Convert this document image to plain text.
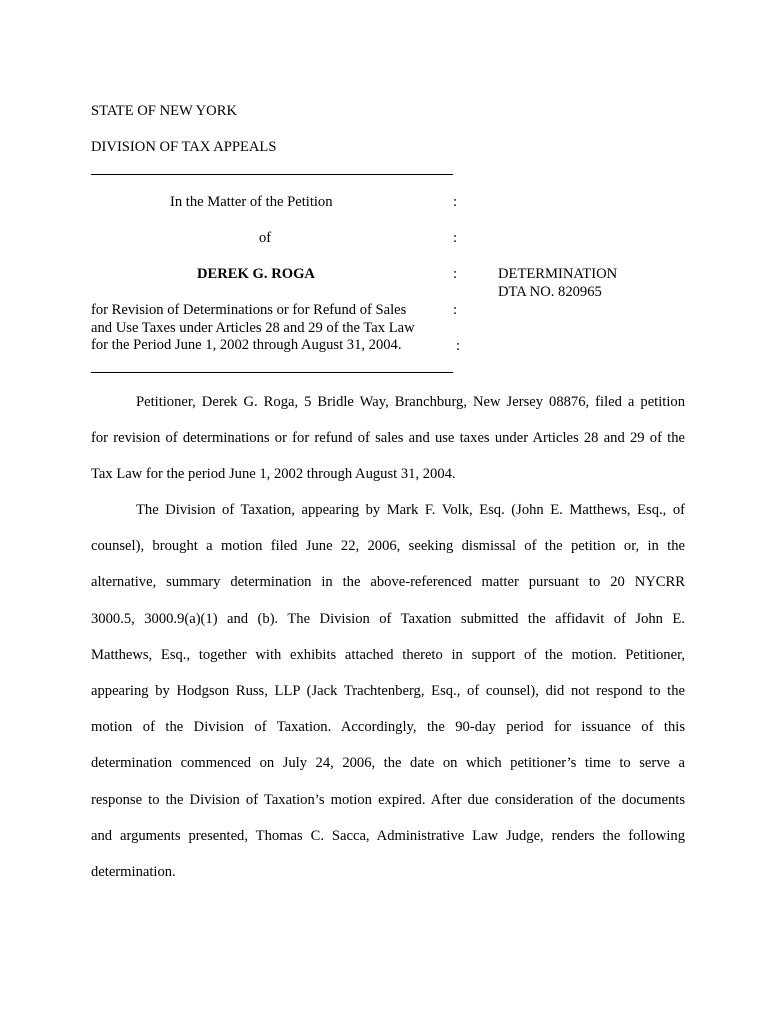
STATE OF NEW YORK
DIVISION OF TAX APPEALS
In the Matter of the Petition
of
DEREK G. ROGA
for Revision of Determinations or for Refund of Sales
and Use Taxes under Articles 28 and 29 of the Tax Law
for the Period June 1, 2002 through August 31, 2004.
:
:
:
:
:
DETERMINATION
DTA NO. 820965
Petitioner, Derek G. Roga, 5 Bridle Way, Branchburg, New Jersey 08876, filed a petition
for revision of determinations or for refund of sales and use taxes under Articles 28 and 29 of the
Tax Law for the period June 1, 2002 through August 31, 2004.
The Division of Taxation, appearing by Mark F. Volk, Esq. (John E. Matthews, Esq., of
counsel), brought a motion filed June 22, 2006, seeking dismissal of the petition or, in the
alternative, summary determination in the above-referenced matter pursuant to 20 NYCRR
3000.5, 3000.9(a)(1) and (b). The Division of Taxation submitted the affidavit of John E.
Matthews, Esq., together with exhibits attached thereto in support of the motion. Petitioner,
appearing by Hodgson Russ, LLP (Jack Trachtenberg, Esq., of counsel), did not respond to the
motion of the Division of Taxation. Accordingly, the 90-day period for issuance of this
determination commenced on July 24, 2006, the date on which petitioner’s time to serve a
response to the Division of Taxation’s motion expired. After due consideration of the documents
and arguments presented, Thomas C. Sacca, Administrative Law Judge, renders the following
determination.
